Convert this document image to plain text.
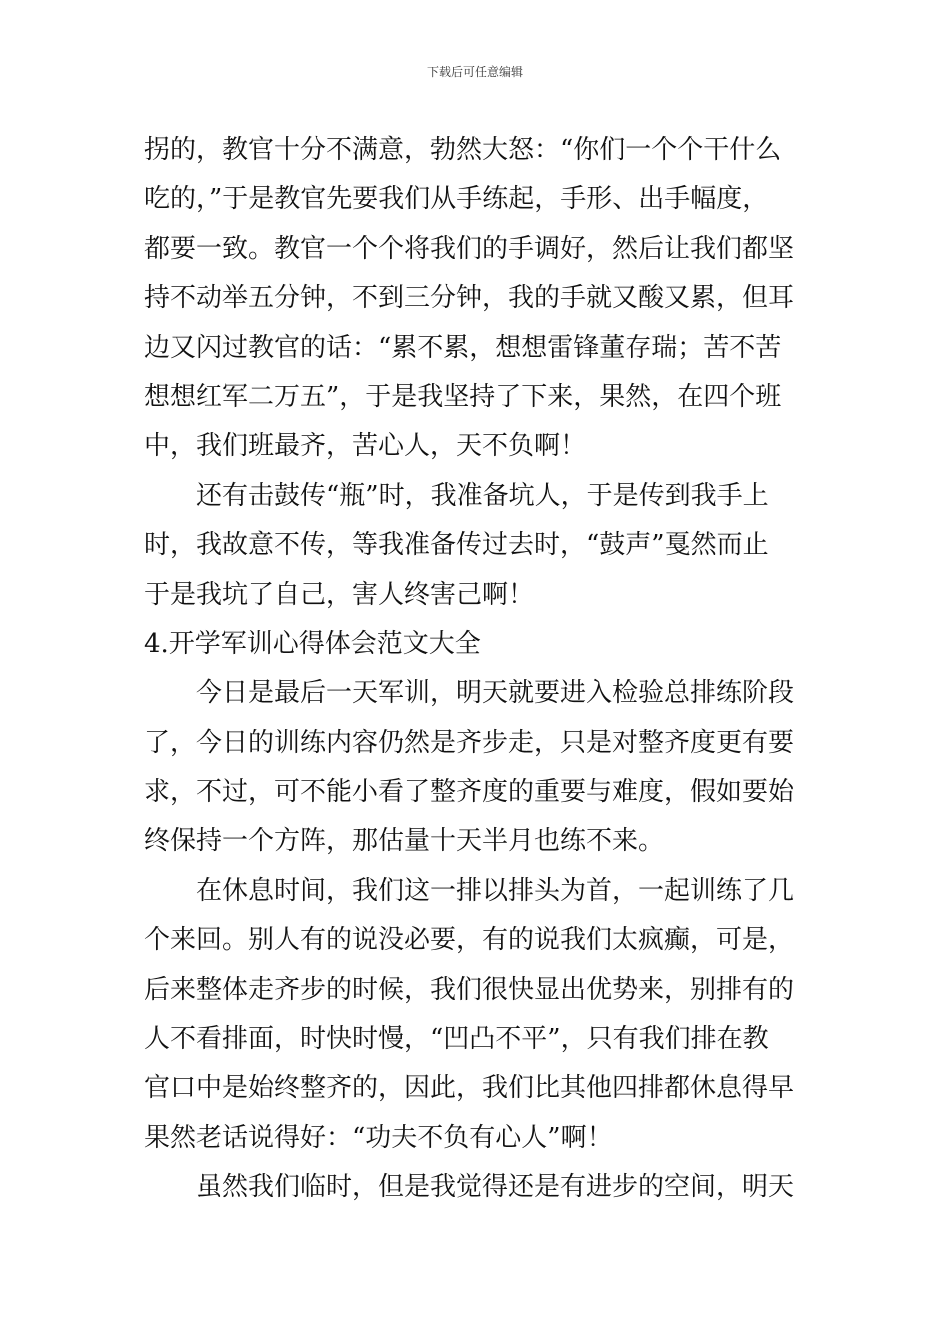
下载后可任意编辑
拐的，教官十分不满意，勃然大怒：“你们一个个干什么
吃的，”于是教官先要我们从手练起，手形、出手幅度，
都要一致。教官一个个将我们的手调好，然后让我们都坚
持不动举五分钟，不到三分钟，我的手就又酸又累，但耳
边又闪过教官的话：“累不累，想想雷锋董存瑞；苦不苦
想想红军二万五”，于是我坚持了下来，果然，在四个班
中，我们班最齐，苦心人，天不负啊！
还有击鼓传“瓶”时，我准备坑人，于是传到我手上
时，我故意不传，等我准备传过去时，“鼓声”戛然而止
于是我坑了自己，害人终害己啊！
4.开学军训心得体会范文大全
今日是最后一天军训，明天就要进入检验总排练阶段
了，今日的训练内容仍然是齐步走，只是对整齐度更有要
求，不过，可不能小看了整齐度的重要与难度，假如要始
终保持一个方阵，那估量十天半月也练不来。
在休息时间，我们这一排以排头为首，一起训练了几
个来回。别人有的说没必要，有的说我们太疯癫，可是，
后来整体走齐步的时候，我们很快显出优势来，别排有的
人不看排面，时快时慢，“凹凸不平”，只有我们排在教
官口中是始终整齐的，因此，我们比其他四排都休息得早
果然老话说得好：“功夫不负有心人”啊！
虽然我们临时，但是我觉得还是有进步的空间，明天
